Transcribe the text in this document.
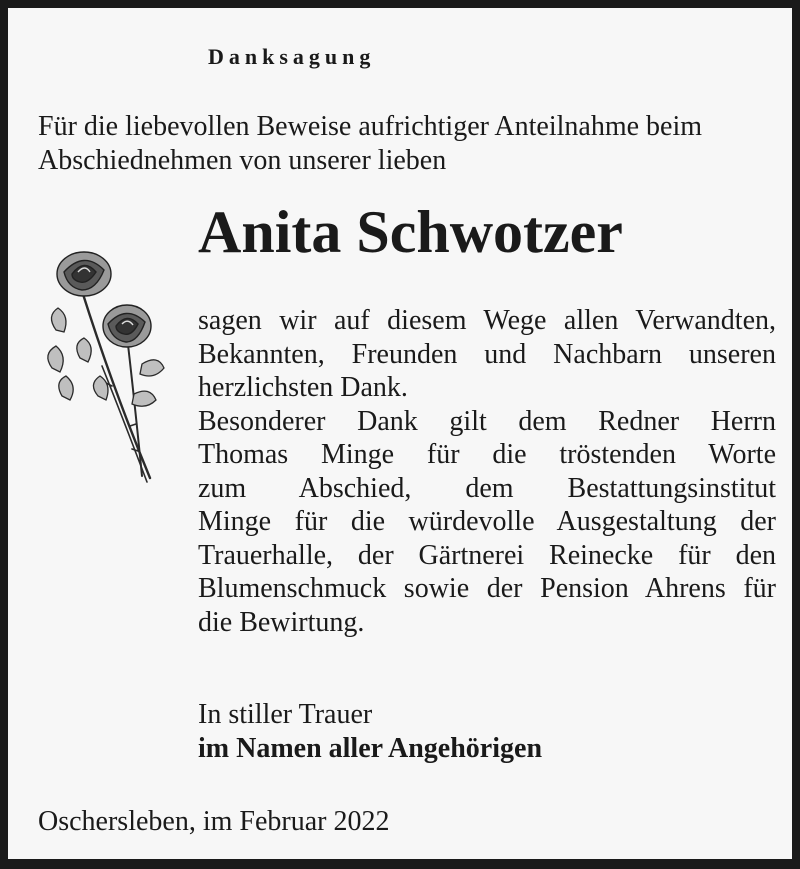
Danksagung

Für die liebevollen Beweise aufrichtiger Anteilnahme beim
Abschiednehmen von unserer lieben

Anita Schwotzer

sagen wir auf diesem Wege allen Verwandten,
Bekannten, Freunden und Nachbarn unseren
herzlichsten Dank.
Besonderer Dank gilt dem Redner Herrn
Thomas Minge für die tröstenden Worte
zum Abschied, dem Bestattungsinstitut
Minge für die würdevolle Ausgestaltung der
Trauerhalle, der Gärtnerei Reinecke für den
Blumenschmuck sowie der Pension Ahrens für
die Bewirtung.

In stiller Trauer
im Namen aller Angehörigen
Oschersleben, im Februar 2022
